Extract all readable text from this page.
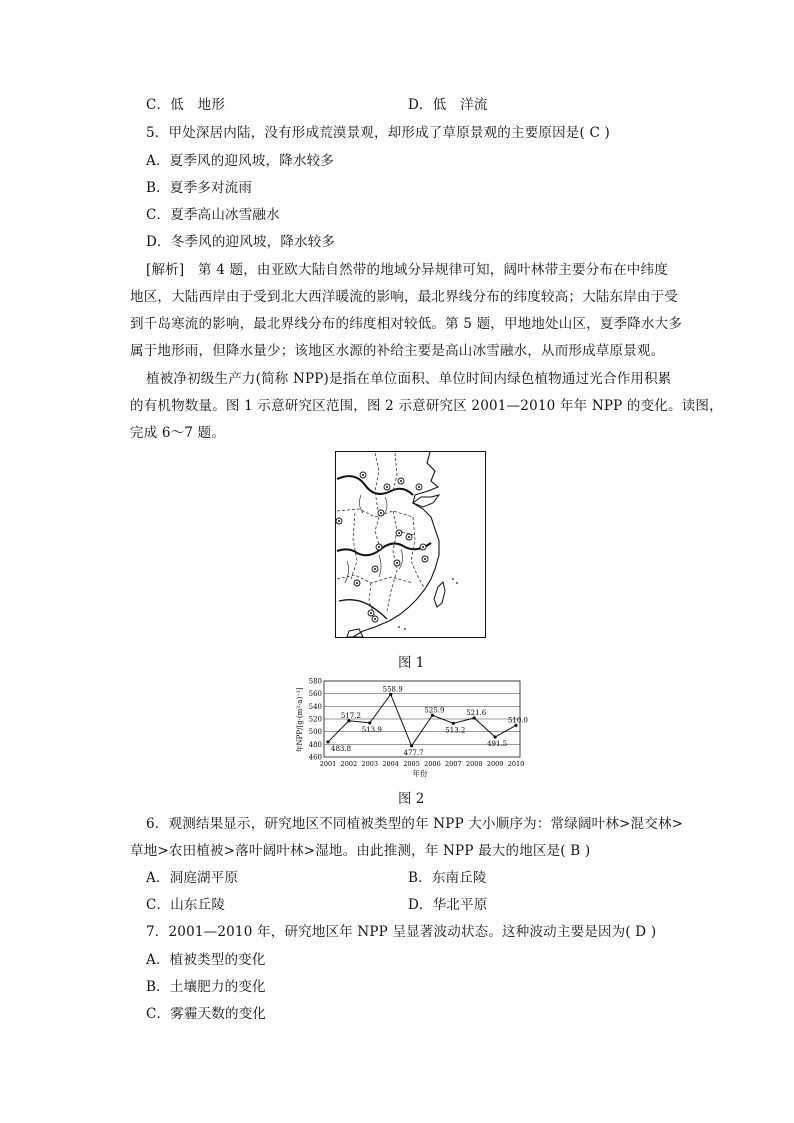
C．低　地形	D．低　洋流
5．甲处深居内陆，没有形成荒漠景观，却形成了草原景观的主要原因是( C )
A．夏季风的迎风坡，降水较多
B．夏季多对流雨
C．夏季高山冰雪融水
D．冬季风的迎风坡，降水较多
[解析]　第 4 题，由亚欧大陆自然带的地域分异规律可知，阔叶林带主要分布在中纬度
地区，大陆西岸由于受到北大西洋暖流的影响，最北界线分布的纬度较高；大陆东岸由于受
到千岛寒流的影响，最北界线分布的纬度相对较低。第 5 题，甲地地处山区，夏季降水大多
属于地形雨，但降水量少；该地区水源的补给主要是高山冰雪融水，从而形成草原景观。
植被净初级生产力(简称 NPP)是指在单位面积、单位时间内绿色植物通过光合作用积累
的有机物数量。图 1 示意研究区范围，图 2 示意研究区 2001—2010 年年 NPP 的变化。读图，
完成 6～7 题。
图 1
460
480
500
520
540
560
580
2001 2002 2003 2004 2005 2006 2007 2008 2009 2010
483.8
517.2
513.9
558.9
477.7
525.9
513.2
521.6
491.5
510.0
年NPP/[g·(m²·a)⁻¹]
年份
图 2
6．观测结果显示，研究地区不同植被类型的年 NPP 大小顺序为：常绿阔叶林>混交林>
草地>农田植被>落叶阔叶林>湿地。由此推测，年 NPP 最大的地区是( B )
A．洞庭湖平原	B．东南丘陵
C．山东丘陵	D．华北平原
7．2001—2010 年，研究地区年 NPP 呈显著波动状态。这种波动主要是因为( D )
A．植被类型的变化
B．土壤肥力的变化
C．雾霾天数的变化
